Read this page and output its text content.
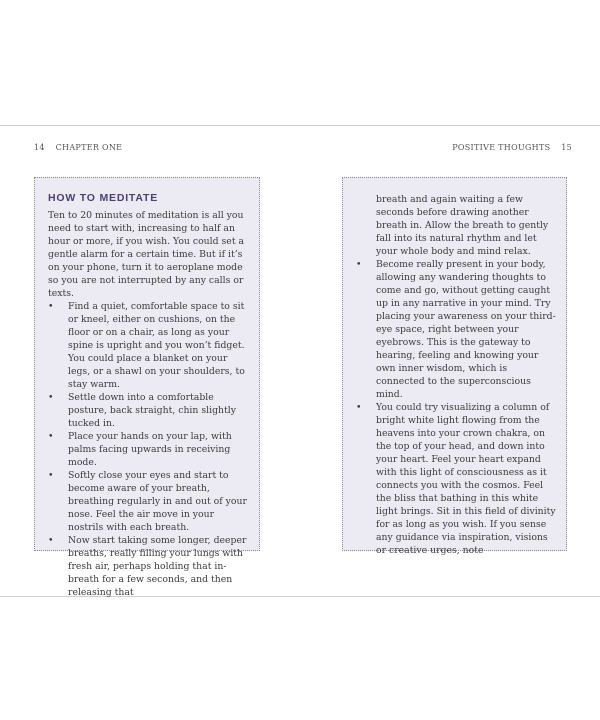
14 CHAPTER ONE	POSITIVE THOUGHTS 15
HOW TO MEDITATE

Ten to 20 minutes of meditation is all you need to start with, increasing to half an hour or more, if you wish. You could set a gentle alarm for a certain time. But if it’s on your phone, turn it to aeroplane mode so you are not interrupted by any calls or texts.

•	Find a quiet, comfortable space to sit or kneel, either on cushions, on the floor or on a chair, as long as your spine is upright and you won’t fidget. You could place a blanket on your legs, or a shawl on your shoulders, to stay warm.
•	Settle down into a comfortable posture, back straight, chin slightly tucked in.
•	Place your hands on your lap, with palms facing upwards in receiving mode.
•	Softly close your eyes and start to become aware of your breath, breathing regularly in and out of your nose. Feel the air move in your nostrils with each breath.
•	Now start taking some longer, deeper breaths, really filling your lungs with fresh air, perhaps holding that in-breath for a few seconds, and then releasing that

breath and again waiting a few seconds before drawing another breath in. Allow the breath to gently fall into its natural rhythm and let your whole body and mind relax.

•	Become really present in your body, allowing any wandering thoughts to come and go, without getting caught up in any narrative in your mind. Try placing your awareness on your third-eye space, right between your eyebrows. This is the gateway to hearing, feeling and knowing your own inner wisdom, which is connected to the superconscious mind.
•	You could try visualizing a column of bright white light flowing from the heavens into your crown chakra, on the top of your head, and down into your heart. Feel your heart expand with this light of consciousness as it connects you with the cosmos. Feel the bliss that bathing in this white light brings. Sit in this field of divinity for as long as you wish. If you sense any guidance via inspiration, visions or creative urges, note
